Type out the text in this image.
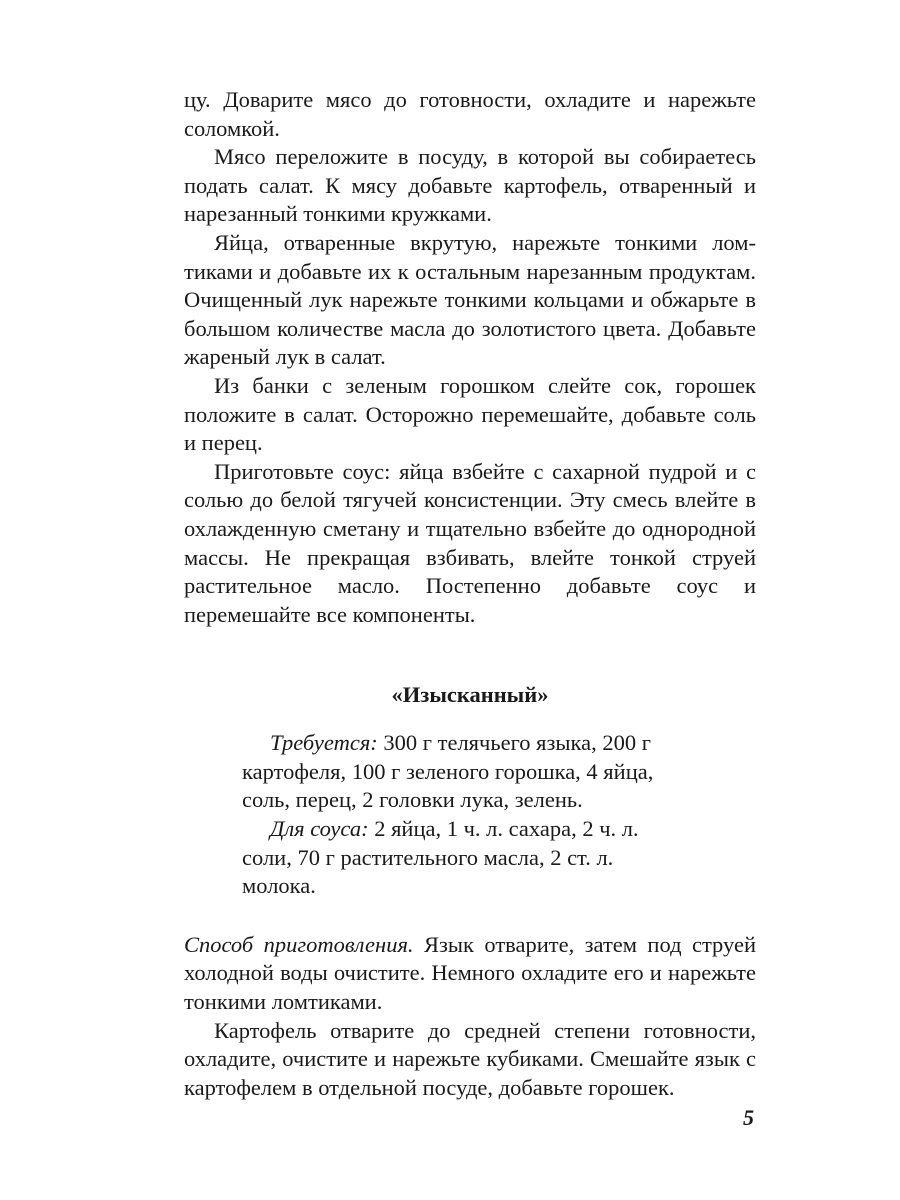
цу. Доварите мясо до готовности, охладите и нарежьте соломкой.

Мясо переложите в посуду, в которой вы собираетесь подать салат. К мясу добавьте картофель, отваренный и нарезанный тонкими кружками.

Яйца, отваренные вкрутую, нарежьте тонкими ломтиками и добавьте их к остальным нарезанным продуктам. Очищенный лук нарежьте тонкими кольцами и обжарьте в большом количестве масла до золотистого цвета. Добавьте жареный лук в салат.

Из банки с зеленым горошком слейте сок, горошек положите в салат. Осторожно перемешайте, добавьте соль и перец.

Приготовьте соус: яйца взбейте с сахарной пудрой и с солью до белой тягучей консистенции. Эту смесь влейте в охлажденную сметану и тщательно взбейте до однородной массы. Не прекращая взбивать, влейте тонкой струей растительное масло. Постепенно добавьте соус и перемешайте все компоненты.

«Изысканный»

Требуется: 300 г телячьего языка, 200 г картофеля, 100 г зеленого горошка, 4 яйца, соль, перец, 2 головки лука, зелень.

Для соуса: 2 яйца, 1 ч. л. сахара, 2 ч. л. соли, 70 г растительного масла, 2 ст. л. молока.

Способ приготовления. Язык отварите, затем под струей холодной воды очистите. Немного охладите его и нарежьте тонкими ломтиками.

Картофель отварите до средней степени готовности, охладите, очистите и нарежьте кубиками. Смешайте язык с картофелем в отдельной посуде, добавьте горошек.

5
